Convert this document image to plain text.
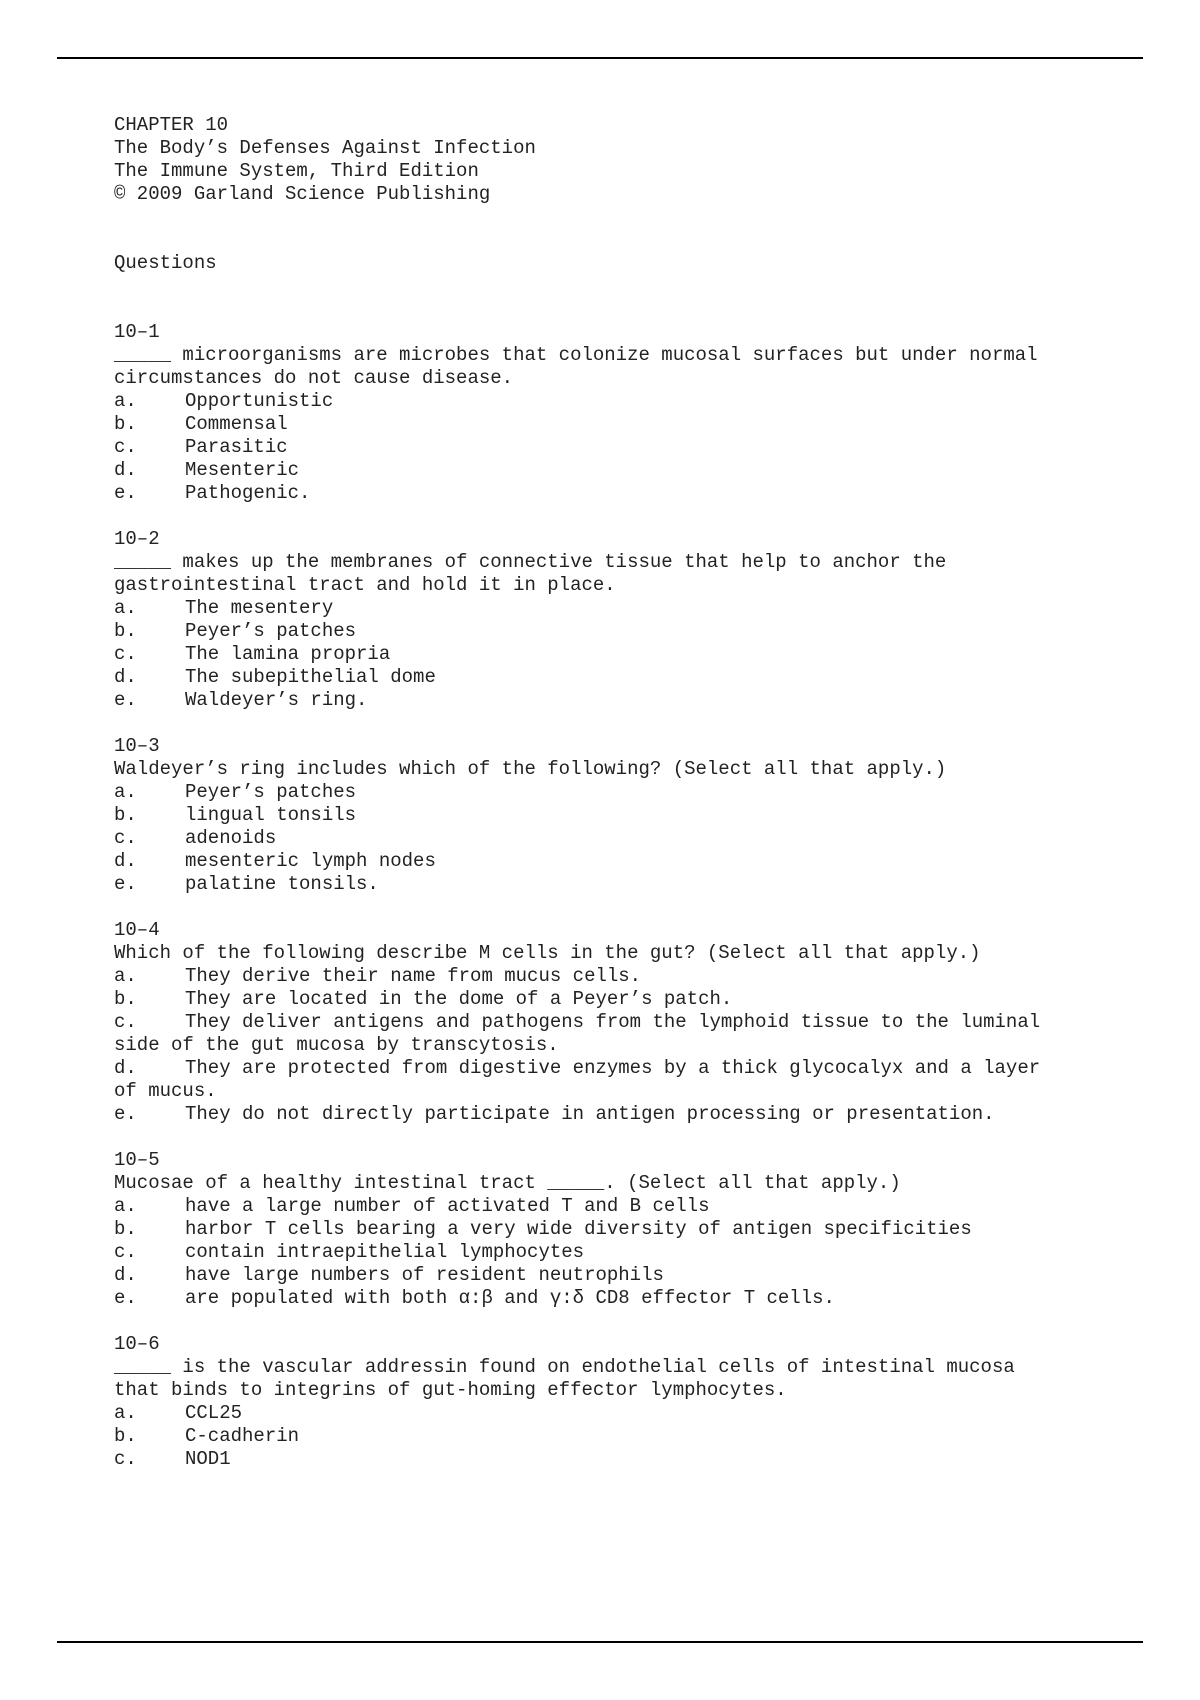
CHAPTER 10
The Body’s Defenses Against Infection
The Immune System, Third Edition
© 2009 Garland Science Publishing
Questions
10–1
_____ microorganisms are microbes that colonize mucosal surfaces but under normal
circumstances do not cause disease.
a.	Opportunistic
b.	Commensal
c.	Parasitic
d.	Mesenteric
e.	Pathogenic.
10–2
_____ makes up the membranes of connective tissue that help to anchor the
gastrointestinal tract and hold it in place.
a.	The mesentery
b.	Peyer’s patches
c.	The lamina propria
d.	The subepithelial dome
e.	Waldeyer’s ring.
10–3
Waldeyer’s ring includes which of the following? (Select all that apply.)
a.	Peyer’s patches
b.	lingual tonsils
c.	adenoids
d.	mesenteric lymph nodes
e.	palatine tonsils.
10–4
Which of the following describe M cells in the gut? (Select all that apply.)
a.	They derive their name from mucus cells.
b.	They are located in the dome of a Peyer’s patch.
c.	They deliver antigens and pathogens from the lymphoid tissue to the luminal
side of the gut mucosa by transcytosis.
d.	They are protected from digestive enzymes by a thick glycocalyx and a layer
of mucus.
e.	They do not directly participate in antigen processing or presentation.
10–5
Mucosae of a healthy intestinal tract _____. (Select all that apply.)
a.	have a large number of activated T and B cells
b.	harbor T cells bearing a very wide diversity of antigen specificities
c.	contain intraepithelial lymphocytes
d.	have large numbers of resident neutrophils
e.	are populated with both α:β and γ:δ CD8 effector T cells.
10–6
_____ is the vascular addressin found on endothelial cells of intestinal mucosa
that binds to integrins of gut-homing effector lymphocytes.
a.	CCL25
b.	C-cadherin
c.	NOD1
